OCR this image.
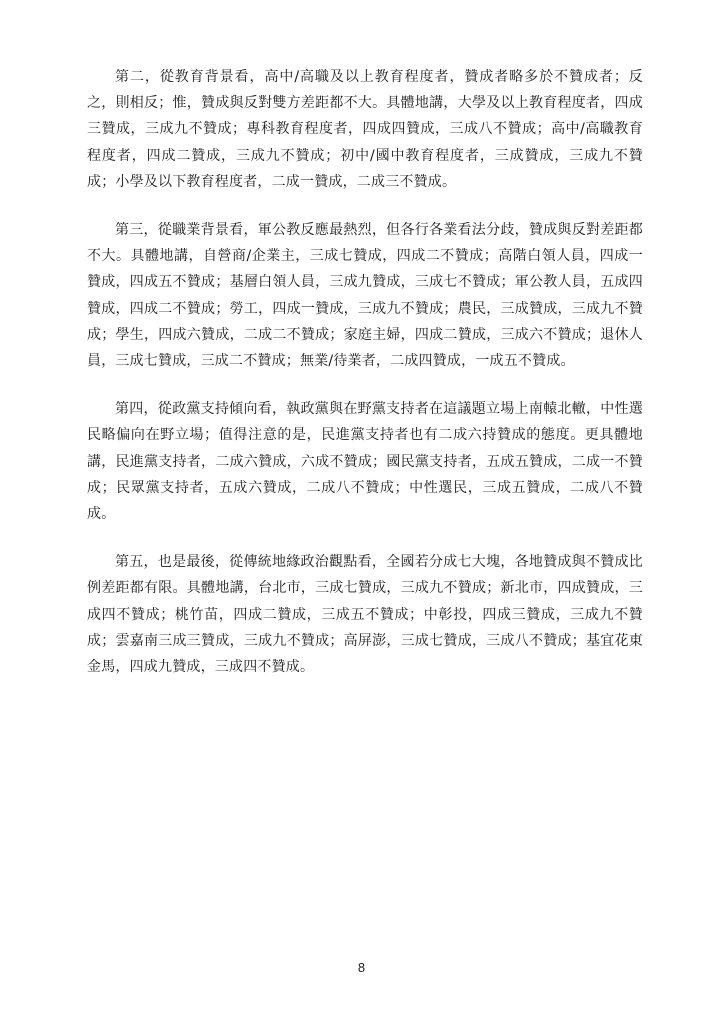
第二，從教育背景看，高中/高職及以上教育程度者，贊成者略多於不贊成者；反之，則相反；惟，贊成與反對雙方差距都不大。具體地講，大學及以上教育程度者，四成三贊成，三成九不贊成；專科教育程度者，四成四贊成，三成八不贊成；高中/高職教育程度者，四成二贊成，三成九不贊成；初中/國中教育程度者，三成贊成，三成九不贊成；小學及以下教育程度者，二成一贊成，二成三不贊成。

第三，從職業背景看，軍公教反應最熱烈，但各行各業看法分歧，贊成與反對差距都不大。具體地講，自營商/企業主，三成七贊成，四成二不贊成；高階白領人員，四成一贊成，四成五不贊成；基層白領人員，三成九贊成，三成七不贊成；軍公教人員，五成四贊成，四成二不贊成；勞工，四成一贊成，三成九不贊成；農民，三成贊成，三成九不贊成；學生，四成六贊成，二成二不贊成；家庭主婦，四成二贊成，三成六不贊成；退休人員，三成七贊成，三成二不贊成；無業/待業者，二成四贊成，一成五不贊成。

第四，從政黨支持傾向看，執政黨與在野黨支持者在這議題立場上南轅北轍，中性選民略偏向在野立場；值得注意的是，民進黨支持者也有二成六持贊成的態度。更具體地講，民進黨支持者，二成六贊成，六成不贊成；國民黨支持者，五成五贊成，二成一不贊成；民眾黨支持者，五成六贊成，二成八不贊成；中性選民，三成五贊成，二成八不贊成。

第五，也是最後，從傳統地緣政治觀點看，全國若分成七大塊，各地贊成與不贊成比例差距都有限。具體地講，台北市，三成七贊成，三成九不贊成；新北市，四成贊成，三成四不贊成；桃竹苗，四成二贊成，三成五不贊成；中彰投，四成三贊成，三成九不贊成；雲嘉南三成三贊成，三成九不贊成；高屏澎，三成七贊成，三成八不贊成；基宜花東金馬，四成九贊成，三成四不贊成。

8
